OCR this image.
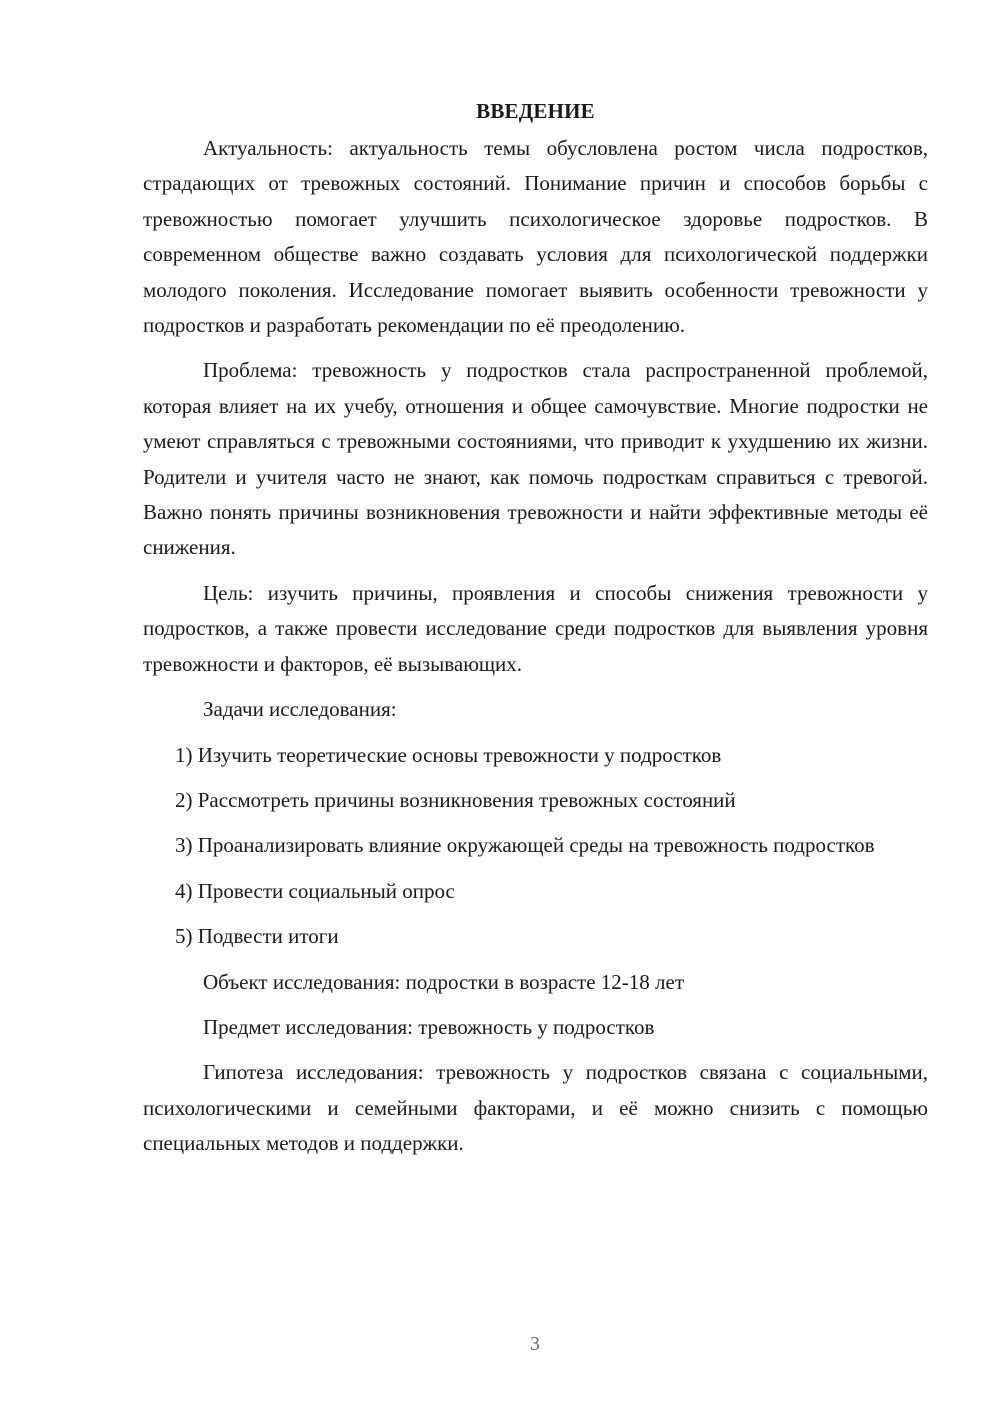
ВВЕДЕНИЕ

Актуальность: актуальность темы обусловлена ростом числа подростков, страдающих от тревожных состояний. Понимание причин и способов борьбы с тревожностью помогает улучшить психологическое здоровье подростков. В современном обществе важно создавать условия для психологической поддержки молодого поколения. Исследование помогает выявить особенности тревожности у подростков и разработать рекомендации по её преодолению.

Проблема: тревожность у подростков стала распространенной проблемой, которая влияет на их учебу, отношения и общее самочувствие. Многие подростки не умеют справляться с тревожными состояниями, что приводит к ухудшению их жизни. Родители и учителя часто не знают, как помочь подросткам справиться с тревогой. Важно понять причины возникновения тревожности и найти эффективные методы её снижения.

Цель: изучить причины, проявления и способы снижения тревожности у подростков, а также провести исследование среди подростков для выявления уровня тревожности и факторов, её вызывающих.

Задачи исследования:

1) Изучить теоретические основы тревожности у подростков

2) Рассмотреть причины возникновения тревожных состояний

3) Проанализировать влияние окружающей среды на тревожность подростков

4) Провести социальный опрос

5) Подвести итоги

Объект исследования: подростки в возрасте 12-18 лет

Предмет исследования: тревожность у подростков

Гипотеза исследования: тревожность у подростков связана с социальными, психологическими и семейными факторами, и её можно снизить с помощью специальных методов и поддержки.

3
